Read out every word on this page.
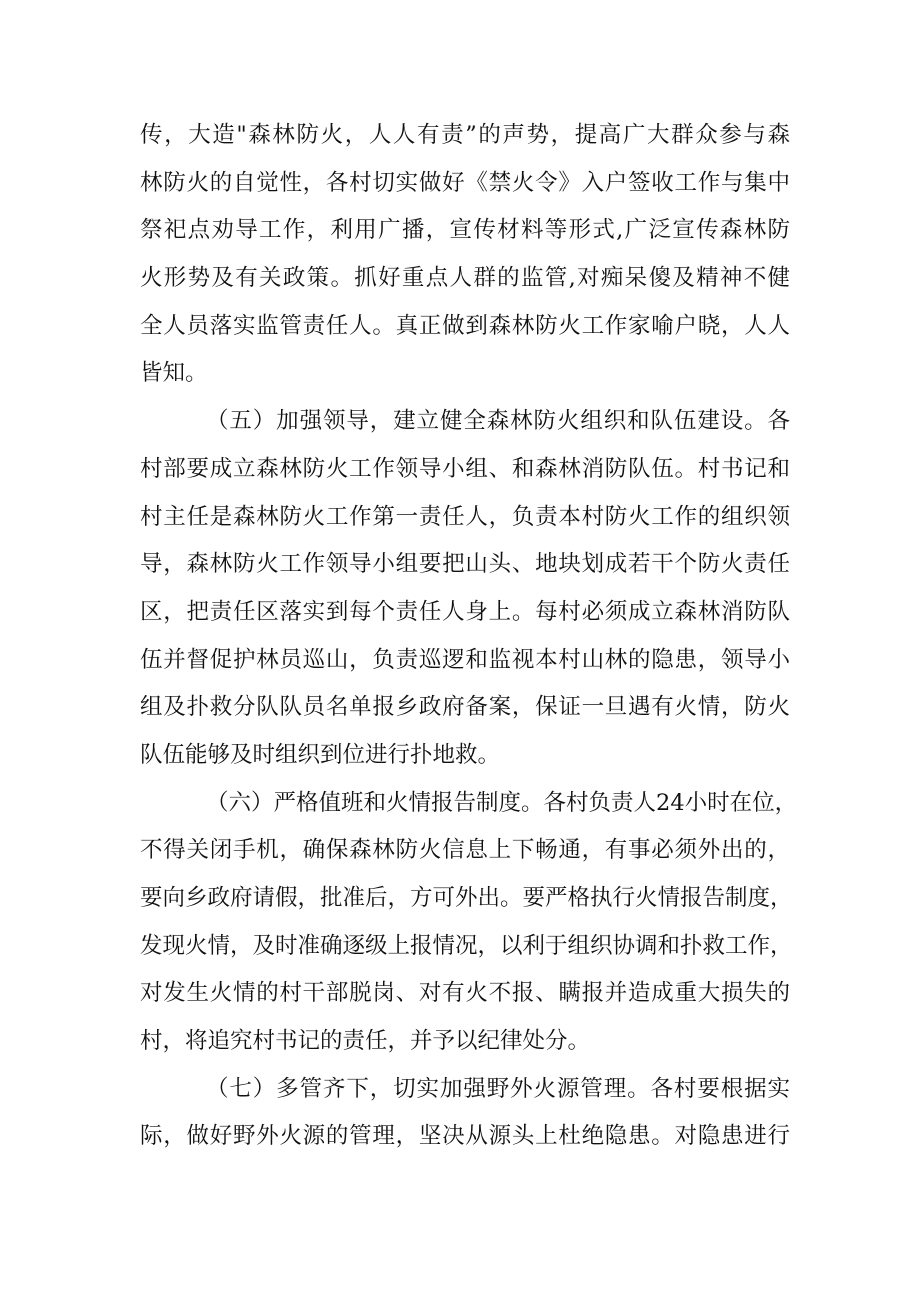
传，大造"森林防火，人人有责”的声势，提高广大群众参与森
林防火的自觉性，各村切实做好《禁火令》入户签收工作与集中
祭祀点劝导工作，利用广播，宣传材料等形式,广泛宣传森林防
火形势及有关政策。抓好重点人群的监管,对痴呆傻及精神不健
全人员落实监管责任人。真正做到森林防火工作家喻户晓，人人
皆知。
（五）加强领导，建立健全森林防火组织和队伍建设。各
村部要成立森林防火工作领导小组、和森林消防队伍。村书记和
村主任是森林防火工作第一责任人，负责本村防火工作的组织领
导，森林防火工作领导小组要把山头、地块划成若干个防火责任
区，把责任区落实到每个责任人身上。每村必须成立森林消防队
伍并督促护林员巡山，负责巡逻和监视本村山林的隐患，领导小
组及扑救分队队员名单报乡政府备案，保证一旦遇有火情，防火
队伍能够及时组织到位进行扑地救。
（六）严格值班和火情报告制度。各村负责人24小时在位，
不得关闭手机，确保森林防火信息上下畅通，有事必须外出的，
要向乡政府请假，批准后，方可外出。要严格执行火情报告制度，
发现火情，及时准确逐级上报情况，以利于组织协调和扑救工作，
对发生火情的村干部脱岗、对有火不报、瞒报并造成重大损失的
村，将追究村书记的责任，并予以纪律处分。
（七）多管齐下，切实加强野外火源管理。各村要根据实
际，做好野外火源的管理，坚决从源头上杜绝隐患。对隐患进行
